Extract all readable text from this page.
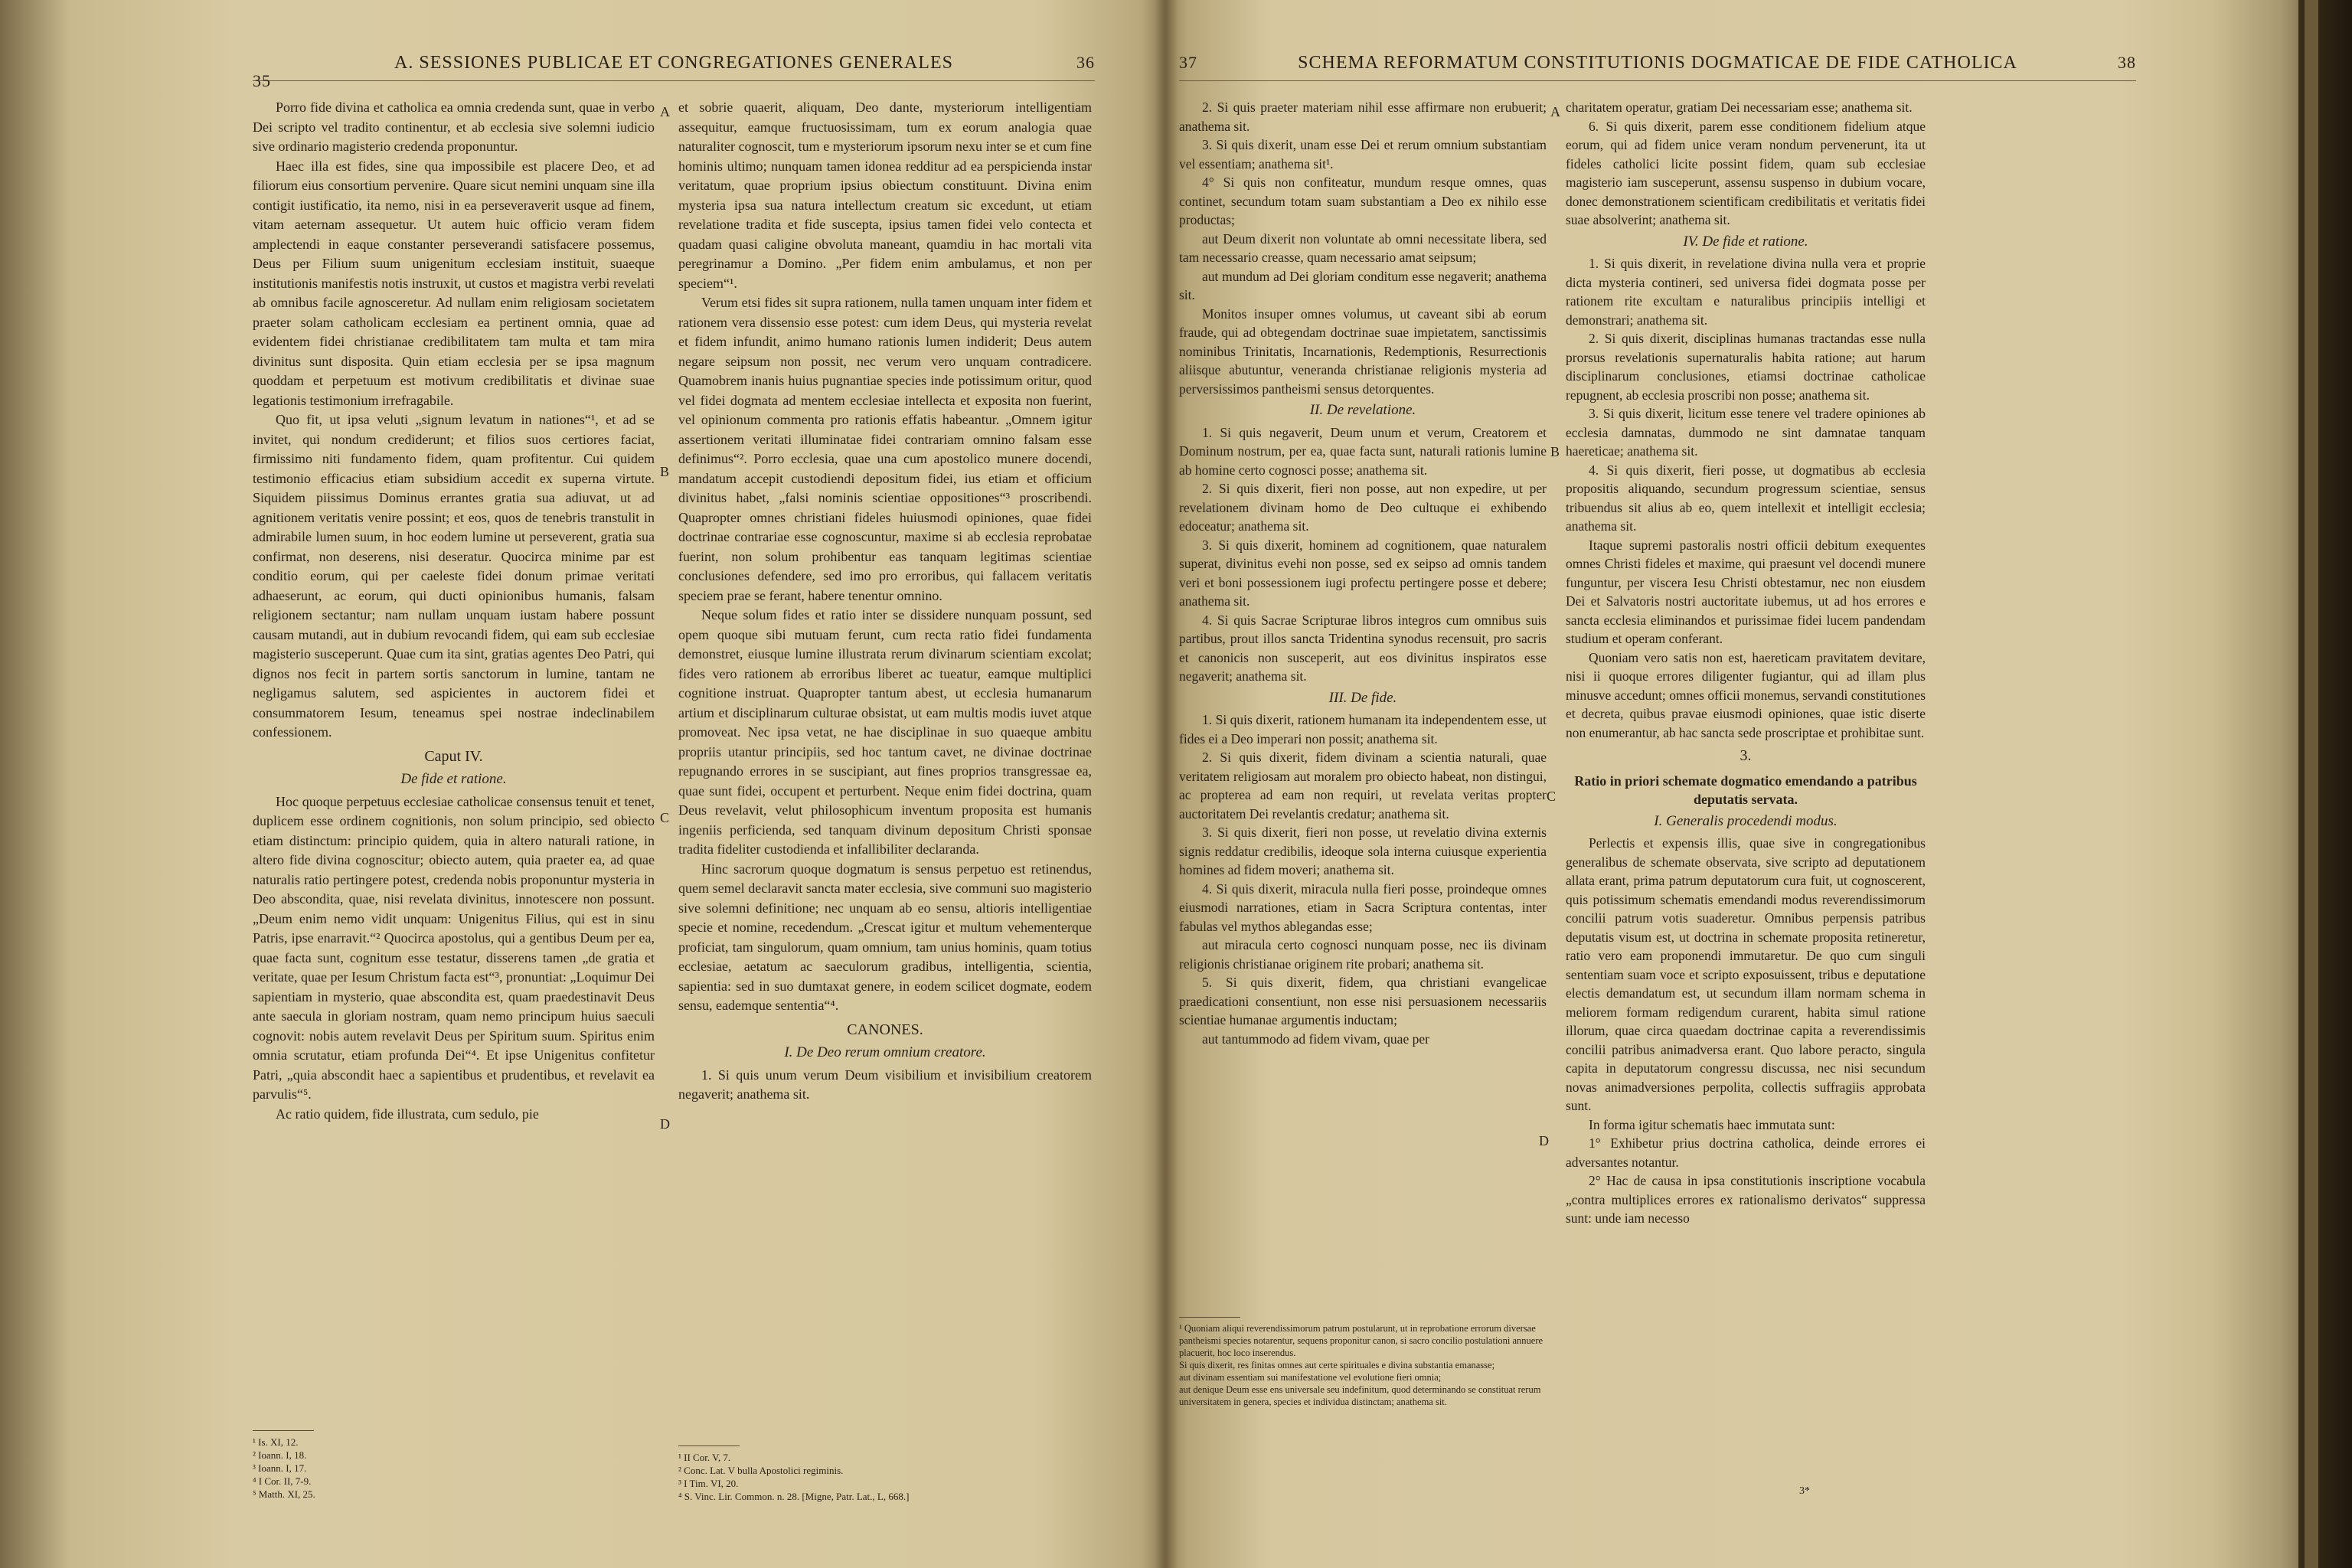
35
A. SESSIONES PUBLICAE ET CONGREGATIONES GENERALES	36

Porro fide divina et catholica ea omnia credenda sunt, quae in verbo Dei scripto vel tradito continentur, et ab ecclesia sive solemni iudicio sive ordinario magisterio credenda proponuntur.

Haec illa est fides, sine qua impossibile est placere Deo, et ad filiorum eius consortium pervenire. Quare sicut nemini unquam sine illa contigit iustificatio, ita nemo, nisi in ea perseveraverit usque ad finem, vitam aeternam assequetur. Ut autem huic officio veram fidem amplectendi in eaque constanter perseverandi satisfacere possemus, Deus per Filium suum unigenitum ecclesiam instituit, suaeque institutionis manifestis notis instruxit, ut custos et magistra verbi revelati ab omnibus facile agnosceretur. Ad nullam enim religiosam societatem praeter solam catholicam ecclesiam ea pertinent omnia, quae ad evidentem fidei christianae credibilitatem tam multa et tam mira divinitus sunt disposita. Quin etiam ecclesia per se ipsa magnum quoddam et perpetuum est motivum credibilitatis et divinae suae legationis testimonium irrefragabile.

Quo fit, ut ipsa veluti „signum levatum in nationes“¹, et ad se invitet, qui nondum crediderunt; et filios suos certiores faciat, firmissimo niti fundamento fidem, quam profitentur. Cui quidem testimonio efficacius etiam subsidium accedit ex superna virtute. Siquidem piissimus Dominus errantes gratia sua adiuvat, ut ad agnitionem veritatis venire possint; et eos, quos de tenebris transtulit in admirabile lumen suum, in hoc eodem lumine ut perseverent, gratia sua confirmat, non deserens, nisi deseratur. Quocirca minime par est conditio eorum, qui per caeleste fidei donum primae veritati adhaeserunt, ac eorum, qui ducti opinionibus humanis, falsam religionem sectantur; nam nullam unquam iustam habere possunt causam mutandi, aut in dubium revocandi fidem, qui eam sub ecclesiae magisterio susceperunt. Quae cum ita sint, gratias agentes Deo Patri, qui dignos nos fecit in partem sortis sanctorum in lumine, tantam ne negligamus salutem, sed aspicientes in auctorem fidei et consummatorem Iesum, teneamus spei nostrae indeclinabilem confessionem.

Caput IV.
De fide et ratione.

Hoc quoque perpetuus ecclesiae catholicae consensus tenuit et tenet, duplicem esse ordinem cognitionis, non solum principio, sed obiecto etiam distinctum: principio quidem, quia in altero naturali ratione, in altero fide divina cognoscitur; obiecto autem, quia praeter ea, ad quae naturalis ratio pertingere potest, credenda nobis proponuntur mysteria in Deo abscondita, quae, nisi revelata divinitus, innotescere non possunt. „Deum enim nemo vidit unquam: Unigenitus Filius, qui est in sinu Patris, ipse enarravit.“² Quocirca apostolus, qui a gentibus Deum per ea, quae facta sunt, cognitum esse testatur, disserens tamen „de gratia et veritate, quae per Iesum Christum facta est“³, pronuntiat: „Loquimur Dei sapientiam in mysterio, quae abscondita est, quam praedestinavit Deus ante saecula in gloriam nostram, quam nemo principum huius saeculi cognovit: nobis autem revelavit Deus per Spiritum suum. Spiritus enim omnia scrutatur, etiam profunda Dei“⁴. Et ipse Unigenitus confitetur Patri, „quia abscondit haec a sapientibus et prudentibus, et revelavit ea parvulis“⁵.

Ac ratio quidem, fide illustrata, cum sedulo, pie

¹ Is. XI, 12.
² Ioann. I, 18.
³ Ioann. I, 17.
⁴ I Cor. II, 7-9.
⁵ Matth. XI, 25.
A
B
C
D

et sobrie quaerit, aliquam, Deo dante, mysteriorum intelligentiam assequitur, eamque fructuosissimam, tum ex eorum analogia quae naturaliter cognoscit, tum e mysteriorum ipsorum nexu inter se et cum fine hominis ultimo; nunquam tamen idonea redditur ad ea perspicienda instar veritatum, quae proprium ipsius obiectum constituunt. Divina enim mysteria ipsa sua natura intellectum creatum sic excedunt, ut etiam revelatione tradita et fide suscepta, ipsius tamen fidei velo contecta et quadam quasi caligine obvoluta maneant, quamdiu in hac mortali vita peregrinamur a Domino. „Per fidem enim ambulamus, et non per speciem“¹.

Verum etsi fides sit supra rationem, nulla tamen unquam inter fidem et rationem vera dissensio esse potest: cum idem Deus, qui mysteria revelat et fidem infundit, animo humano rationis lumen indiderit; Deus autem negare seipsum non possit, nec verum vero unquam contradicere. Quamobrem inanis huius pugnantiae species inde potissimum oritur, quod vel fidei dogmata ad mentem ecclesiae intellecta et exposita non fuerint, vel opinionum commenta pro rationis effatis habeantur. „Omnem igitur assertionem veritati illuminatae fidei contrariam omnino falsam esse definimus“². Porro ecclesia, quae una cum apostolico munere docendi, mandatum accepit custodiendi depositum fidei, ius etiam et officium divinitus habet, „falsi nominis scientiae oppositiones“³ proscribendi. Quapropter omnes christiani fideles huiusmodi opiniones, quae fidei doctrinae contrariae esse cognoscuntur, maxime si ab ecclesia reprobatae fuerint, non solum prohibentur eas tanquam legitimas scientiae conclusiones defendere, sed imo pro erroribus, qui fallacem veritatis speciem prae se ferant, habere tenentur omnino.

Neque solum fides et ratio inter se dissidere nunquam possunt, sed opem quoque sibi mutuam ferunt, cum recta ratio fidei fundamenta demonstret, eiusque lumine illustrata rerum divinarum scientiam excolat; fides vero rationem ab erroribus liberet ac tueatur, eamque multiplici cognitione instruat. Quapropter tantum abest, ut ecclesia humanarum artium et disciplinarum culturae obsistat, ut eam multis modis iuvet atque promoveat. Nec ipsa vetat, ne hae disciplinae in suo quaeque ambitu propriis utantur principiis, sed hoc tantum cavet, ne divinae doctrinae repugnando errores in se suscipiant, aut fines proprios transgressae ea, quae sunt fidei, occupent et perturbent. Neque enim fidei doctrina, quam Deus revelavit, velut philosophicum inventum proposita est humanis ingeniis perficienda, sed tanquam divinum depositum Christi sponsae tradita fideliter custodienda et infallibiliter declaranda.

Hinc sacrorum quoque dogmatum is sensus perpetuo est retinendus, quem semel declaravit sancta mater ecclesia, sive communi suo magisterio sive solemni definitione; nec unquam ab eo sensu, altioris intelligentiae specie et nomine, recedendum. „Crescat igitur et multum vehementerque proficiat, tam singulorum, quam omnium, tam unius hominis, quam totius ecclesiae, aetatum ac saeculorum gradibus, intelligentia, scientia, sapientia: sed in suo dumtaxat genere, in eodem scilicet dogmate, eodem sensu, eademque sententia“⁴.

CANONES.
I. De Deo rerum omnium creatore.

1. Si quis unum verum Deum visibilium et invisibilium creatorem negaverit; anathema sit.

¹ II Cor. V, 7.
² Conc. Lat. V bulla Apostolici regiminis.
³ I Tim. VI, 20.
⁴ S. Vinc. Lir. Common. n. 28. [Migne, Patr. Lat., L, 668.]
37	SCHEMA REFORMATUM CONSTITUTIONIS DOGMATICAE DE FIDE CATHOLICA	38

2. Si quis praeter materiam nihil esse affirmare non erubuerit; anathema sit.

3. Si quis dixerit, unam esse Dei et rerum omnium substantiam vel essentiam; anathema sit¹.

4° Si quis non confiteatur, mundum resque omnes, quas continet, secundum totam suam substantiam a Deo ex nihilo esse productas;

aut Deum dixerit non voluntate ab omni necessitate libera, sed tam necessario creasse, quam necessario amat seipsum;

aut mundum ad Dei gloriam conditum esse negaverit; anathema sit.

Monitos insuper omnes volumus, ut caveant sibi ab eorum fraude, qui ad obtegendam doctrinae suae impietatem, sanctissimis nominibus Trinitatis, Incarnationis, Redemptionis, Resurrectionis aliisque abutuntur, veneranda christianae religionis mysteria ad perversissimos pantheismi sensus detorquentes.

II. De revelatione.

1. Si quis negaverit, Deum unum et verum, Creatorem et Dominum nostrum, per ea, quae facta sunt, naturali rationis lumine ab homine certo cognosci posse; anathema sit.

2. Si quis dixerit, fieri non posse, aut non expedire, ut per revelationem divinam homo de Deo cultuque ei exhibendo edoceatur; anathema sit.

3. Si quis dixerit, hominem ad cognitionem, quae naturalem superat, divinitus evehi non posse, sed ex seipso ad omnis tandem veri et boni possessionem iugi profectu pertingere posse et debere; anathema sit.

4. Si quis Sacrae Scripturae libros integros cum omnibus suis partibus, prout illos sancta Tridentina synodus recensuit, pro sacris et canonicis non susceperit, aut eos divinitus inspiratos esse negaverit; anathema sit.

III. De fide.

1. Si quis dixerit, rationem humanam ita independentem esse, ut fides ei a Deo imperari non possit; anathema sit.

2. Si quis dixerit, fidem divinam a scientia naturali, quae veritatem religiosam aut moralem pro obiecto habeat, non distingui, ac propterea ad eam non requiri, ut revelata veritas propter auctoritatem Dei revelantis credatur; anathema sit.

3. Si quis dixerit, fieri non posse, ut revelatio divina externis signis reddatur credibilis, ideoque sola interna cuiusque experientia homines ad fidem moveri; anathema sit.

4. Si quis dixerit, miracula nulla fieri posse, proindeque omnes eiusmodi narrationes, etiam in Sacra Scriptura contentas, inter fabulas vel mythos ablegandas esse;

aut miracula certo cognosci nunquam posse, nec iis divinam religionis christianae originem rite probari; anathema sit.

5. Si quis dixerit, fidem, qua christiani evangelicae praedicationi consentiunt, non esse nisi persuasionem necessariis scientiae humanae argumentis inductam;

aut tantummodo ad fidem vivam, quae per

¹ Quoniam aliqui reverendissimorum patrum postularunt, ut in reprobatione errorum diversae pantheismi species notarentur, sequens proponitur canon, si sacro concilio postulationi annuere placuerit, hoc loco inserendus.
Si quis dixerit, res finitas omnes aut certe spirituales e divina substantia emanasse;
aut divinam essentiam sui manifestatione vel evolutione fieri omnia;
aut denique Deum esse ens universale seu indefinitum, quod determinando se constituat rerum universitatem in genera, species et individua distinctam; anathema sit.
A
B
C
D

charitatem operatur, gratiam Dei necessariam esse; anathema sit.

6. Si quis dixerit, parem esse conditionem fidelium atque eorum, qui ad fidem unice veram nondum pervenerunt, ita ut fideles catholici licite possint fidem, quam sub ecclesiae magisterio iam susceperunt, assensu suspenso in dubium vocare, donec demonstrationem scientificam credibilitatis et veritatis fidei suae absolverint; anathema sit.

IV. De fide et ratione.

1. Si quis dixerit, in revelatione divina nulla vera et proprie dicta mysteria contineri, sed universa fidei dogmata posse per rationem rite excultam e naturalibus principiis intelligi et demonstrari; anathema sit.

2. Si quis dixerit, disciplinas humanas tractandas esse nulla prorsus revelationis supernaturalis habita ratione; aut harum disciplinarum conclusiones, etiamsi doctrinae catholicae repugnent, ab ecclesia proscribi non posse; anathema sit.

3. Si quis dixerit, licitum esse tenere vel tradere opiniones ab ecclesia damnatas, dummodo ne sint damnatae tanquam haereticae; anathema sit.

4. Si quis dixerit, fieri posse, ut dogmatibus ab ecclesia propositis aliquando, secundum progressum scientiae, sensus tribuendus sit alius ab eo, quem intellexit et intelligit ecclesia; anathema sit.

Itaque supremi pastoralis nostri officii debitum exequentes omnes Christi fideles et maxime, qui praesunt vel docendi munere funguntur, per viscera Iesu Christi obtestamur, nec non eiusdem Dei et Salvatoris nostri auctoritate iubemus, ut ad hos errores e sancta ecclesia eliminandos et purissimae fidei lucem pandendam studium et operam conferant.

Quoniam vero satis non est, haereticam pravitatem devitare, nisi ii quoque errores diligenter fugiantur, qui ad illam plus minusve accedunt; omnes officii monemus, servandi constitutiones et decreta, quibus pravae eiusmodi opiniones, quae istic diserte non enumerantur, ab hac sancta sede proscriptae et prohibitae sunt.

3.
Ratio in priori schemate dogmatico emendando a patribus deputatis servata.
I. Generalis procedendi modus.

Perlectis et expensis illis, quae sive in congregationibus generalibus de schemate observata, sive scripto ad deputationem allata erant, prima patrum deputatorum cura fuit, ut cognoscerent, quis potissimum schematis emendandi modus reverendissimorum concilii patrum votis suaderetur. Omnibus perpensis patribus deputatis visum est, ut doctrina in schemate proposita retineretur, ratio vero eam proponendi immutaretur. De quo cum singuli sententiam suam voce et scripto exposuissent, tribus e deputatione electis demandatum est, ut secundum illam normam schema in meliorem formam redigendum curarent, habita simul ratione illorum, quae circa quaedam doctrinae capita a reverendissimis concilii patribus animadversa erant. Quo labore peracto, singula capita in deputatorum congressu discussa, nec nisi secundum novas animadversiones perpolita, collectis suffragiis approbata sunt.

In forma igitur schematis haec immutata sunt:

1° Exhibetur prius doctrina catholica, deinde errores ei adversantes notantur.

2° Hac de causa in ipsa constitutionis inscriptione vocabula „contra multiplices errores ex rationalismo derivatos“ suppressa sunt: unde iam necesso

3*
